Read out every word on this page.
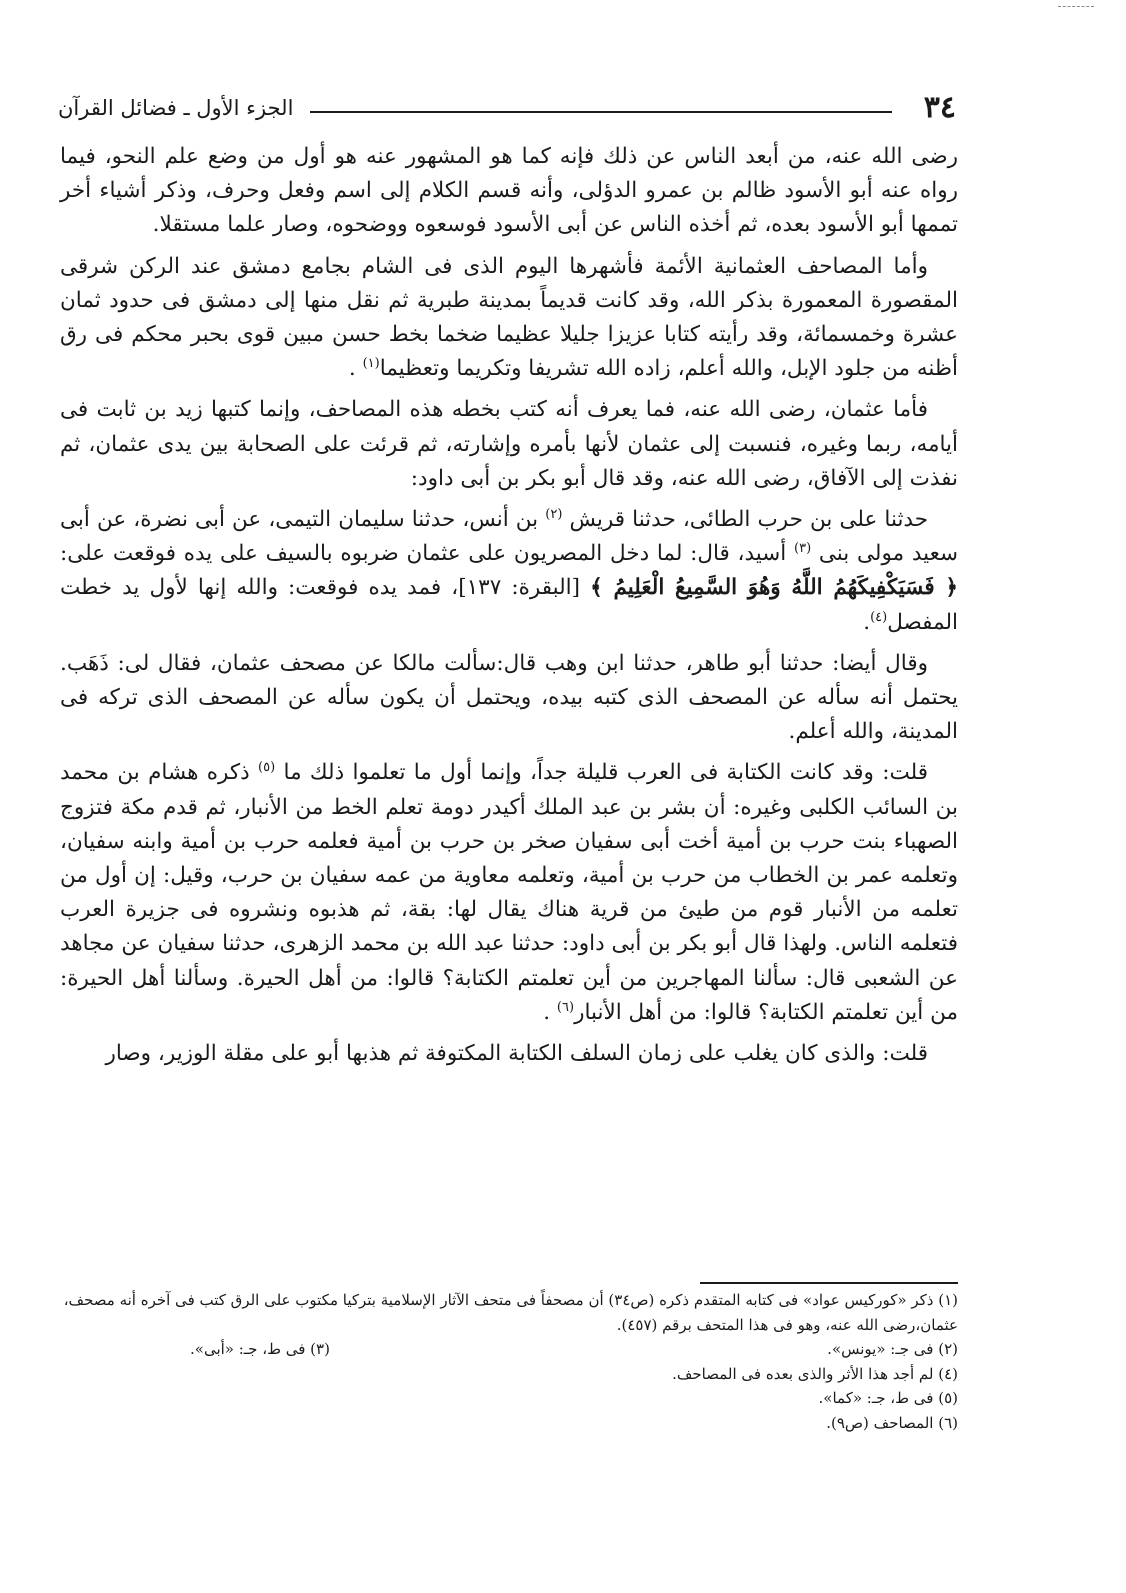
٣٤
الجزء الأول ـ فضائل القرآن

رضى الله عنه، من أبعد الناس عن ذلك فإنه كما هو المشهور عنه هو أول من وضع علم النحو، فيما رواه عنه أبو الأسود ظالم بن عمرو الدؤلى، وأنه قسم الكلام إلى اسم وفعل وحرف، وذكر أشياء أخر تممها أبو الأسود بعده، ثم أخذه الناس عن أبى الأسود فوسعوه ووضحوه، وصار علما مستقلا.

وأما المصاحف العثمانية الأئمة فأشهرها اليوم الذى فى الشام بجامع دمشق عند الركن شرقى المقصورة المعمورة بذكر الله، وقد كانت قديماً بمدينة طبرية ثم نقل منها إلى دمشق فى حدود ثمان عشرة وخمسمائة، وقد رأيته كتابا عزيزا جليلا عظيما ضخما بخط حسن مبين قوى بحبر محكم فى رق أظنه من جلود الإبل، والله أعلم، زاده الله تشريفا وتكريما وتعظيما$^{(١)}$ .

فأما عثمان، رضى الله عنه، فما يعرف أنه كتب بخطه هذه المصاحف، وإنما كتبها زيد بن ثابت فى أيامه، ربما وغيره، فنسبت إلى عثمان لأنها بأمره وإشارته، ثم قرئت على الصحابة بين يدى عثمان، ثم نفذت إلى الآفاق، رضى الله عنه، وقد قال أبو بكر بن أبى داود:

حدثنا على بن حرب الطائى، حدثنا قريش $^{(٢)}$ بن أنس، حدثنا سليمان التيمى، عن أبى نضرة، عن أبى سعيد مولى بنى $^{(٣)}$ أسيد، قال: لما دخل المصريون على عثمان ضربوه بالسيف على يده فوقعت على: ﴿ فَسَيَكْفِيكَهُمُ اللَّهُ وَهُوَ السَّمِيعُ الْعَلِيمُ ﴾ [البقرة: ١٣٧]، فمد يده فوقعت: والله إنها لأول يد خطت المفصل$^{(٤)}$.

وقال أيضا: حدثنا أبو طاهر، حدثنا ابن وهب قال:سألت مالكا عن مصحف عثمان، فقال لى: ذَهَب. يحتمل أنه سأله عن المصحف الذى كتبه بيده، ويحتمل أن يكون سأله عن المصحف الذى تركه فى المدينة، والله أعلم.

قلت: وقد كانت الكتابة فى العرب قليلة جداً، وإنما أول ما تعلموا ذلك ما $^{(٥)}$ ذكره هشام بن محمد بن السائب الكلبى وغيره: أن بشر بن عبد الملك أكيدر دومة تعلم الخط من الأنبار، ثم قدم مكة فتزوج الصهباء بنت حرب بن أمية أخت أبى سفيان صخر بن حرب بن أمية فعلمه حرب بن أمية وابنه سفيان، وتعلمه عمر بن الخطاب من حرب بن أمية، وتعلمه معاوية من عمه سفيان بن حرب، وقيل: إن أول من تعلمه من الأنبار قوم من طيئ من قرية هناك يقال لها: بقة، ثم هذبوه ونشروه فى جزيرة العرب فتعلمه الناس. ولهذا قال أبو بكر بن أبى داود: حدثنا عبد الله بن محمد الزهرى، حدثنا سفيان عن مجاهد عن الشعبى قال: سألنا المهاجرين من أين تعلمتم الكتابة؟ قالوا: من أهل الحيرة. وسألنا أهل الحيرة: من أين تعلمتم الكتابة؟ قالوا: من أهل الأنبار$^{(٦)}$ .

قلت: والذى كان يغلب على زمان السلف الكتابة المكتوفة ثم هذبها أبو على مقلة الوزير، وصار

(١) ذكر «كوركيس عواد» فى كتابه المتقدم ذكره (ص٣٤) أن مصحفاً فى متحف الآثار الإسلامية بتركيا مكتوب على الرق كتب فى آخره أنه مصحف، عثمان،رضى الله عنه، وهو فى هذا المتحف برقم (٤٥٧).

(٢) فى جـ: «يونس».

(٣) فى ط، جـ: «أبى».

(٤) لم أجد هذا الأثر والذى بعده فى المصاحف.

(٥) فى ط، جـ: «كما».

(٦) المصاحف (ص٩).
